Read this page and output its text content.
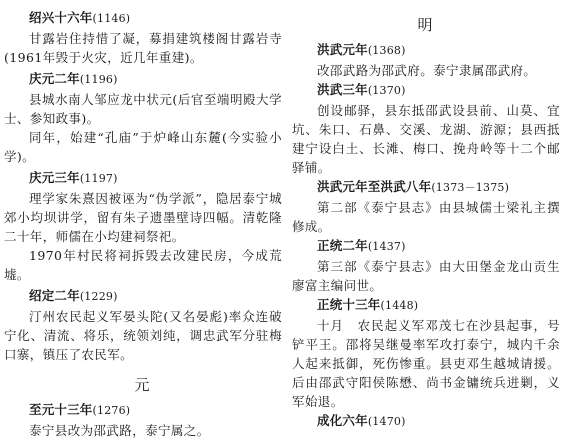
绍兴十六年(1146)
甘露岩住持惜了凝，募捐建筑楼阁甘露岩寺(1961年毁于火灾，近几年重建)。
庆元二年(1196)
县城水南人邹应龙中状元(后官至端明殿大学士、参知政事)。
同年，始建“孔庙”于炉峰山东麓(今实验小学)。
庆元三年(1197)
理学家朱熹因被诬为“伪学派”，隐居泰宁城郊小均坝讲学，留有朱子遗墨壁诗四幅。清乾隆二十年，师儒在小均建祠祭祀。
1970年村民将祠拆毁去改建民房，今成荒墟。
绍定二年(1229)
汀州农民起义军晏头陀(又名晏彪)率众连破宁化、清流、将乐，统领刘纯，调忠武军分驻梅口寨，镇压了农民军。
元
至元十三年(1276)
泰宁县改为邵武路，泰宁属之。
明
洪武元年(1368)
改邵武路为邵武府。泰宁隶属邵武府。
洪武三年(1370)
创设邮驿，县东抵邵武设县前、山莫、宜坑、朱口、石鼻、交溪、龙湖、游源；县西抵建宁设白土、长滩、梅口、挽舟岭等十二个邮驿铺。
洪武元年至洪武八年(1373－1375)
第二部《泰宁县志》由县城儒士梁礼主撰修成。
正统二年(1437)
第三部《泰宁县志》由大田堡金龙山贡生廖富主编问世。
正统十三年(1448)
十月　农民起义军邓茂七在沙县起事，号铲平王。邵将吴继曼率军攻打泰宁，城内千余人起来抵御，死伤惨重。县吏邓生越城请援。后由邵武守阳侯陈懋、尚书金镛统兵进剿，义军始退。
成化六年(1470)
